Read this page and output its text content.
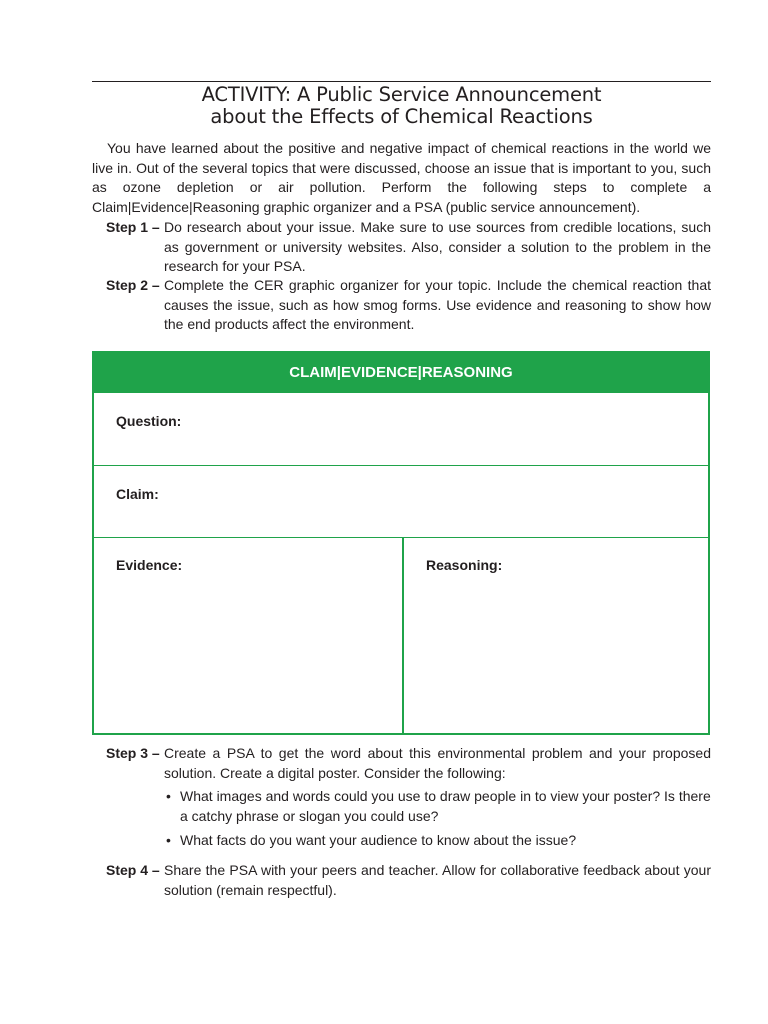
ACTIVITY: A Public Service Announcement
about the Effects of Chemical Reactions
You have learned about the positive and negative impact of chemical reactions in the world we live in. Out of the several topics that were discussed, choose an issue that is important to you, such as ozone depletion or air pollution. Perform the following steps to complete a Claim|Evidence|Reasoning graphic organizer and a PSA (public service announcement).
Step 1 – Do research about your issue. Make sure to use sources from credible locations, such as government or university websites. Also, consider a solution to the problem in the research for your PSA.
Step 2 – Complete the CER graphic organizer for your topic. Include the chemical reaction that causes the issue, such as how smog forms. Use evidence and reasoning to show how the end products affect the environment.
CLAIM|EVIDENCE|REASONING
Question:
Claim:
Evidence:	Reasoning:
Step 3 – Create a PSA to get the word about this environmental problem and your proposed solution. Create a digital poster. Consider the following:
• What images and words could you use to draw people in to view your poster? Is there a catchy phrase or slogan you could use?
• What facts do you want your audience to know about the issue?
Step 4 – Share the PSA with your peers and teacher. Allow for collaborative feedback about your solution (remain respectful).
